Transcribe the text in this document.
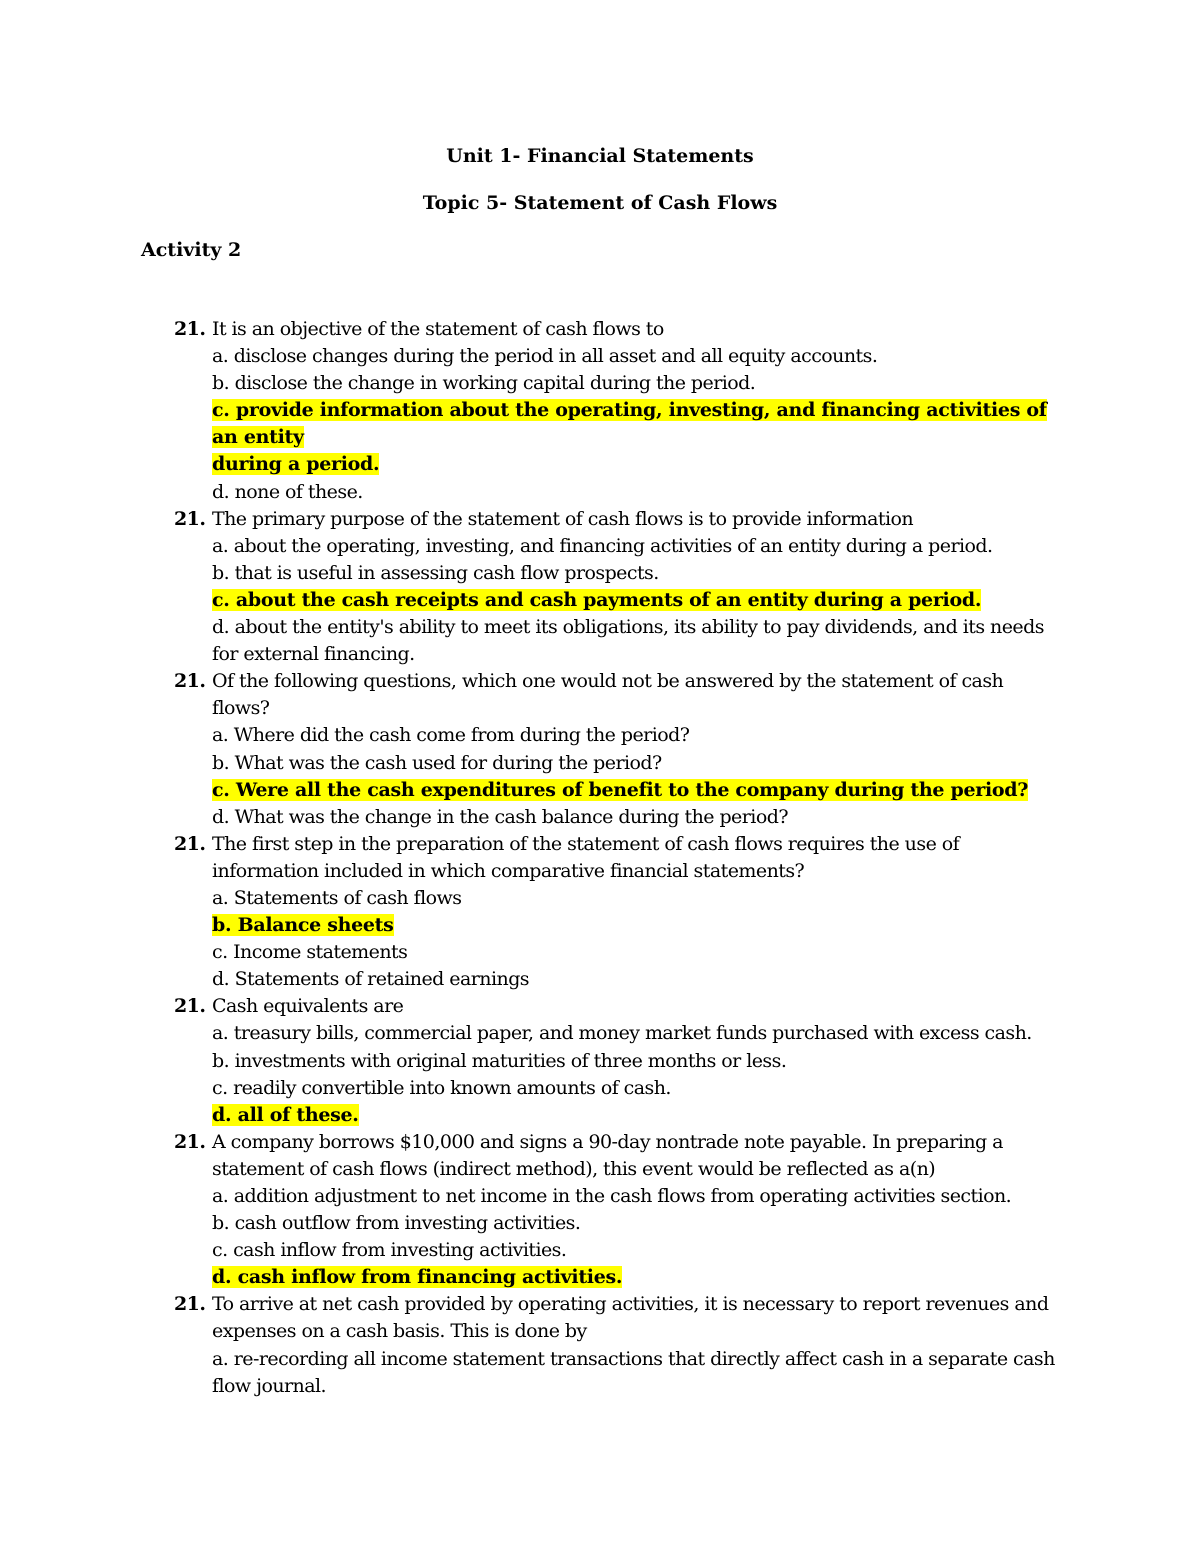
Unit 1- Financial Statements
Topic 5- Statement of Cash Flows
Activity 2
21. It is an objective of the statement of cash flows to
a. disclose changes during the period in all asset and all equity accounts.
b. disclose the change in working capital during the period.
c. provide information about the operating, investing, and financing activities of an entity
during a period.
d. none of these.
21. The primary purpose of the statement of cash flows is to provide information
a. about the operating, investing, and financing activities of an entity during a period.
b. that is useful in assessing cash flow prospects.
c. about the cash receipts and cash payments of an entity during a period.
d. about the entity's ability to meet its obligations, its ability to pay dividends, and its needs for external financing.
21. Of the following questions, which one would not be answered by the statement of cash flows?
a. Where did the cash come from during the period?
b. What was the cash used for during the period?
c. Were all the cash expenditures of benefit to the company during the period?
d. What was the change in the cash balance during the period?
21. The first step in the preparation of the statement of cash flows requires the use of information included in which comparative financial statements?
a. Statements of cash flows
b. Balance sheets
c. Income statements
d. Statements of retained earnings
21. Cash equivalents are
a. treasury bills, commercial paper, and money market funds purchased with excess cash.
b. investments with original maturities of three months or less.
c. readily convertible into known amounts of cash.
d. all of these.
21. A company borrows $10,000 and signs a 90-day nontrade note payable. In preparing a statement of cash flows (indirect method), this event would be reflected as a(n)
a. addition adjustment to net income in the cash flows from operating activities section.
b. cash outflow from investing activities.
c. cash inflow from investing activities.
d. cash inflow from financing activities.
21. To arrive at net cash provided by operating activities, it is necessary to report revenues and expenses on a cash basis. This is done by
a. re-recording all income statement transactions that directly affect cash in a separate cash flow journal.
